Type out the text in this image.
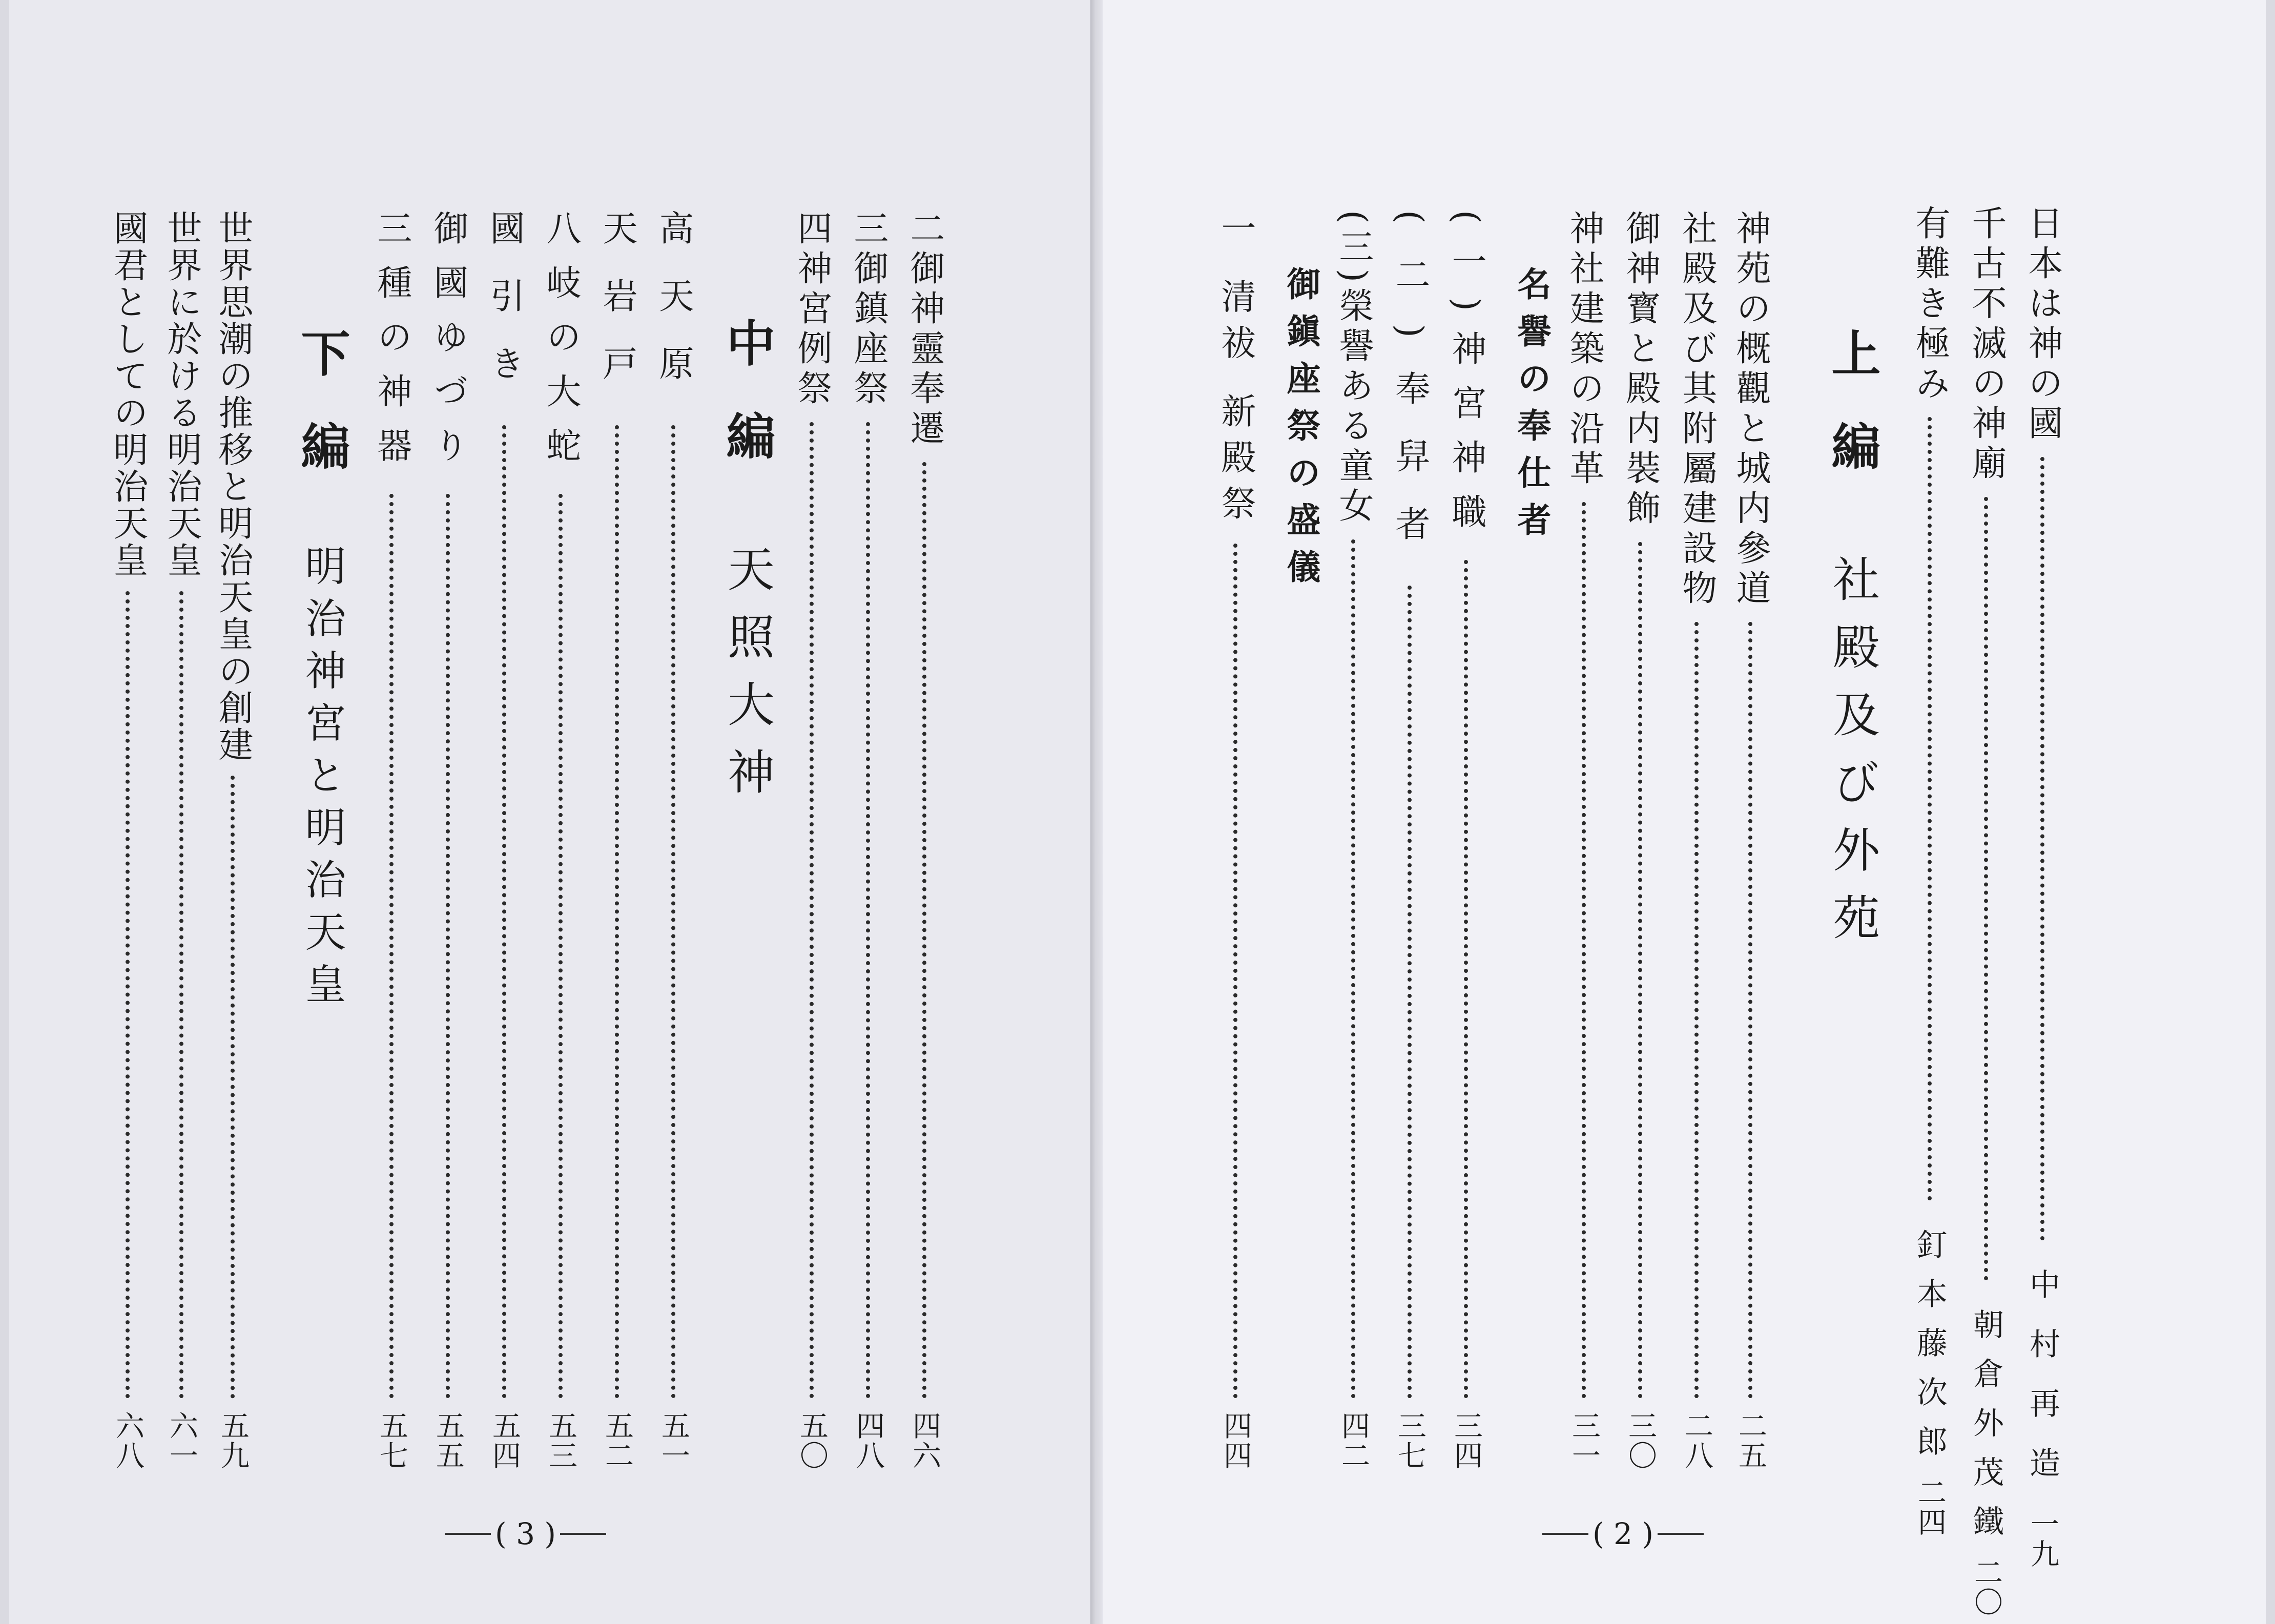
二御神靈奉遷
四六
三御鎮座祭
四八
四神宮例祭
五〇
中 編天照大神
高天原
五一
天岩戸
五二
八岐の大蛇
五三
國引き
五四
御國ゆづり
五五
三種の神器
五七
下 編明治神宮と明治天皇
世界思潮の推移と明治天皇の創建
五九
世界に於ける明治天皇
六一
國君としての明治天皇
六八
( 3 )
日本は神の國
中村再造
一九
千古不滅の神廟
朝倉外茂鐵
二〇
有難き極み
釘本藤次郎
二四
上 編社殿及び外苑
神苑の概觀と城内參道
二五
社殿及び其附屬建設物
二八
御神寳と殿内裝飾
三〇
神社建築の沿革
三一
名譽の奉仕者
(一)神宮神職
三四
(二)奉舁者
三七
(三)榮譽ある童女
四二
御鎭座祭の盛儀
一 清祓 新殿祭
四四
( 2 )
